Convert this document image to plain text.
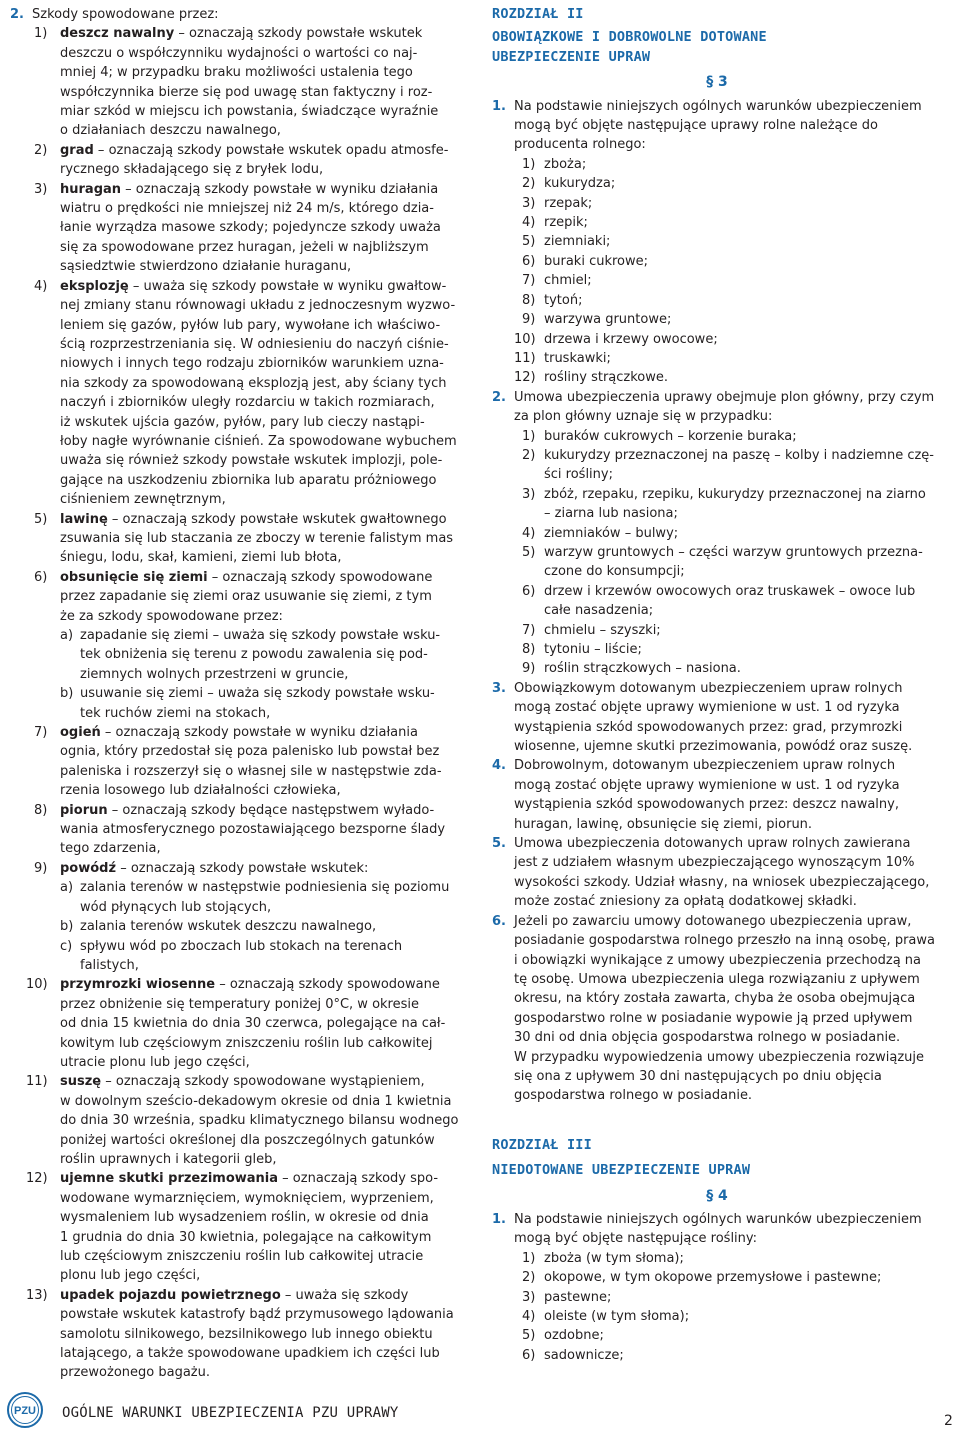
2. Szkody spowodowane przez:
1) deszcz nawalny – oznaczają szkody powstałe wskutek
deszczu o współczynniku wydajności o wartości co naj-
mniej 4; w przypadku braku możliwości ustalenia tego
współczynnika bierze się pod uwagę stan faktyczny i roz-
miar szkód w miejscu ich powstania, świadczące wyraźnie
o działaniach deszczu nawalnego,
2) grad – oznaczają szkody powstałe wskutek opadu atmosfe-
rycznego składającego się z bryłek lodu,
3) huragan – oznaczają szkody powstałe w wyniku działania
wiatru o prędkości nie mniejszej niż 24 m/s, którego dzia-
łanie wyrządza masowe szkody; pojedyncze szkody uważa
się za spowodowane przez huragan, jeżeli w najbliższym
sąsiedztwie stwierdzono działanie huraganu,
4) eksplozję – uważa się szkody powstałe w wyniku gwałtow-
nej zmiany stanu równowagi układu z jednoczesnym wyzwo-
leniem się gazów, pyłów lub pary, wywołane ich właściwo-
ścią rozprzestrzeniania się. W odniesieniu do naczyń ciśnie-
niowych i innych tego rodzaju zbiorników warunkiem uzna-
nia szkody za spowodowaną eksplozją jest, aby ściany tych
naczyń i zbiorników uległy rozdarciu w takich rozmiarach,
iż wskutek ujścia gazów, pyłów, pary lub cieczy nastąpi-
łoby nagłe wyrównanie ciśnień. Za spowodowane wybuchem
uważa się również szkody powstałe wskutek implozji, pole-
gające na uszkodzeniu zbiornika lub aparatu próżniowego
ciśnieniem zewnętrznym,
5) lawinę – oznaczają szkody powstałe wskutek gwałtownego
zsuwania się lub staczania ze zboczy w terenie falistym mas
śniegu, lodu, skał, kamieni, ziemi lub błota,
6) obsunięcie się ziemi – oznaczają szkody spowodowane
przez zapadanie się ziemi oraz usuwanie się ziemi, z tym
że za szkody spowodowane przez:
a) zapadanie się ziemi – uważa się szkody powstałe wsku-
tek obniżenia się terenu z powodu zawalenia się pod-
ziemnych wolnych przestrzeni w gruncie,
b) usuwanie się ziemi – uważa się szkody powstałe wsku-
tek ruchów ziemi na stokach,
7) ogień – oznaczają szkody powstałe w wyniku działania
ognia, który przedostał się poza palenisko lub powstał bez
paleniska i rozszerzył się o własnej sile w następstwie zda-
rzenia losowego lub działalności człowieka,
8) piorun – oznaczają szkody będące następstwem wyłado-
wania atmosferycznego pozostawiającego bezsporne ślady
tego zdarzenia,
9) powódź – oznaczają szkody powstałe wskutek:
a) zalania terenów w następstwie podniesienia się poziomu
wód płynących lub stojących,
b) zalania terenów wskutek deszczu nawalnego,
c) spływu wód po zboczach lub stokach na terenach
falistych,
10) przymrozki wiosenne – oznaczają szkody spowodowane
przez obniżenie się temperatury poniżej 0°C, w okresie
od dnia 15 kwietnia do dnia 30 czerwca, polegające na cał-
kowitym lub częściowym zniszczeniu roślin lub całkowitej
utracie plonu lub jego części,
11) suszę – oznaczają szkody spowodowane wystąpieniem,
w dowolnym sześcio-dekadowym okresie od dnia 1 kwietnia
do dnia 30 września, spadku klimatycznego bilansu wodnego
poniżej wartości określonej dla poszczególnych gatunków
roślin uprawnych i kategorii gleb,
12) ujemne skutki przezimowania – oznaczają szkody spo-
wodowane wymarznięciem, wymoknięciem, wyprzeniem,
wysmaleniem lub wysadzeniem roślin, w okresie od dnia
1 grudnia do dnia 30 kwietnia, polegające na całkowitym
lub częściowym zniszczeniu roślin lub całkowitej utracie
plonu lub jego części,
13) upadek pojazdu powietrznego – uważa się szkody
powstałe wskutek katastrofy bądź przymusowego lądowania
samolotu silnikowego, bezsilnikowego lub innego obiektu
latającego, a także spowodowane upadkiem ich części lub
przewożonego bagażu.
ROZDZIAŁ II
OBOWIĄZKOWE I DOBROWOLNE DOTOWANE
UBEZPIECZENIE UPRAW
§ 3
1. Na podstawie niniejszych ogólnych warunków ubezpieczeniem
mogą być objęte następujące uprawy rolne należące do
producenta rolnego:
1) zboża;
2) kukurydza;
3) rzepak;
4) rzepik;
5) ziemniaki;
6) buraki cukrowe;
7) chmiel;
8) tytoń;
9) warzywa gruntowe;
10) drzewa i krzewy owocowe;
11) truskawki;
12) rośliny strączkowe.
2. Umowa ubezpieczenia uprawy obejmuje plon główny, przy czym
za plon główny uznaje się w przypadku:
1) buraków cukrowych – korzenie buraka;
2) kukurydzy przeznaczonej na paszę – kolby i nadziemne czę-
ści rośliny;
3) zbóż, rzepaku, rzepiku, kukurydzy przeznaczonej na ziarno
– ziarna lub nasiona;
4) ziemniaków – bulwy;
5) warzyw gruntowych – części warzyw gruntowych przezna-
czone do konsumpcji;
6) drzew i krzewów owocowych oraz truskawek – owoce lub
całe nasadzenia;
7) chmielu – szyszki;
8) tytoniu – liście;
9) roślin strączkowych – nasiona.
3. Obowiązkowym dotowanym ubezpieczeniem upraw rolnych
mogą zostać objęte uprawy wymienione w ust. 1 od ryzyka
wystąpienia szkód spowodowanych przez: grad, przymrozki
wiosenne, ujemne skutki przezimowania, powódź oraz suszę.
4. Dobrowolnym, dotowanym ubezpieczeniem upraw rolnych
mogą zostać objęte uprawy wymienione w ust. 1 od ryzyka
wystąpienia szkód spowodowanych przez: deszcz nawalny,
huragan, lawinę, obsunięcie się ziemi, piorun.
5. Umowa ubezpieczenia dotowanych upraw rolnych zawierana
jest z udziałem własnym ubezpieczającego wynoszącym 10%
wysokości szkody. Udział własny, na wniosek ubezpieczającego,
może zostać zniesiony za opłatą dodatkowej składki.
6. Jeżeli po zawarciu umowy dotowanego ubezpieczenia upraw,
posiadanie gospodarstwa rolnego przeszło na inną osobę, prawa
i obowiązki wynikające z umowy ubezpieczenia przechodzą na
tę osobę. Umowa ubezpieczenia ulega rozwiązaniu z upływem
okresu, na który została zawarta, chyba że osoba obejmująca
gospodarstwo rolne w posiadanie wypowie ją przed upływem
30 dni od dnia objęcia gospodarstwa rolnego w posiadanie.
W przypadku wypowiedzenia umowy ubezpieczenia rozwiązuje
się ona z upływem 30 dni następujących po dniu objęcia
gospodarstwa rolnego w posiadanie.
ROZDZIAŁ III
NIEDOTOWANE UBEZPIECZENIE UPRAW
§ 4
1. Na podstawie niniejszych ogólnych warunków ubezpieczeniem
mogą być objęte następujące rośliny:
1) zboża (w tym słoma);
2) okopowe, w tym okopowe przemysłowe i pastewne;
3) pastewne;
4) oleiste (w tym słoma);
5) ozdobne;
6) sadownicze;
PZU OGÓLNE WARUNKI UBEZPIECZENIA PZU UPRAWY	2
